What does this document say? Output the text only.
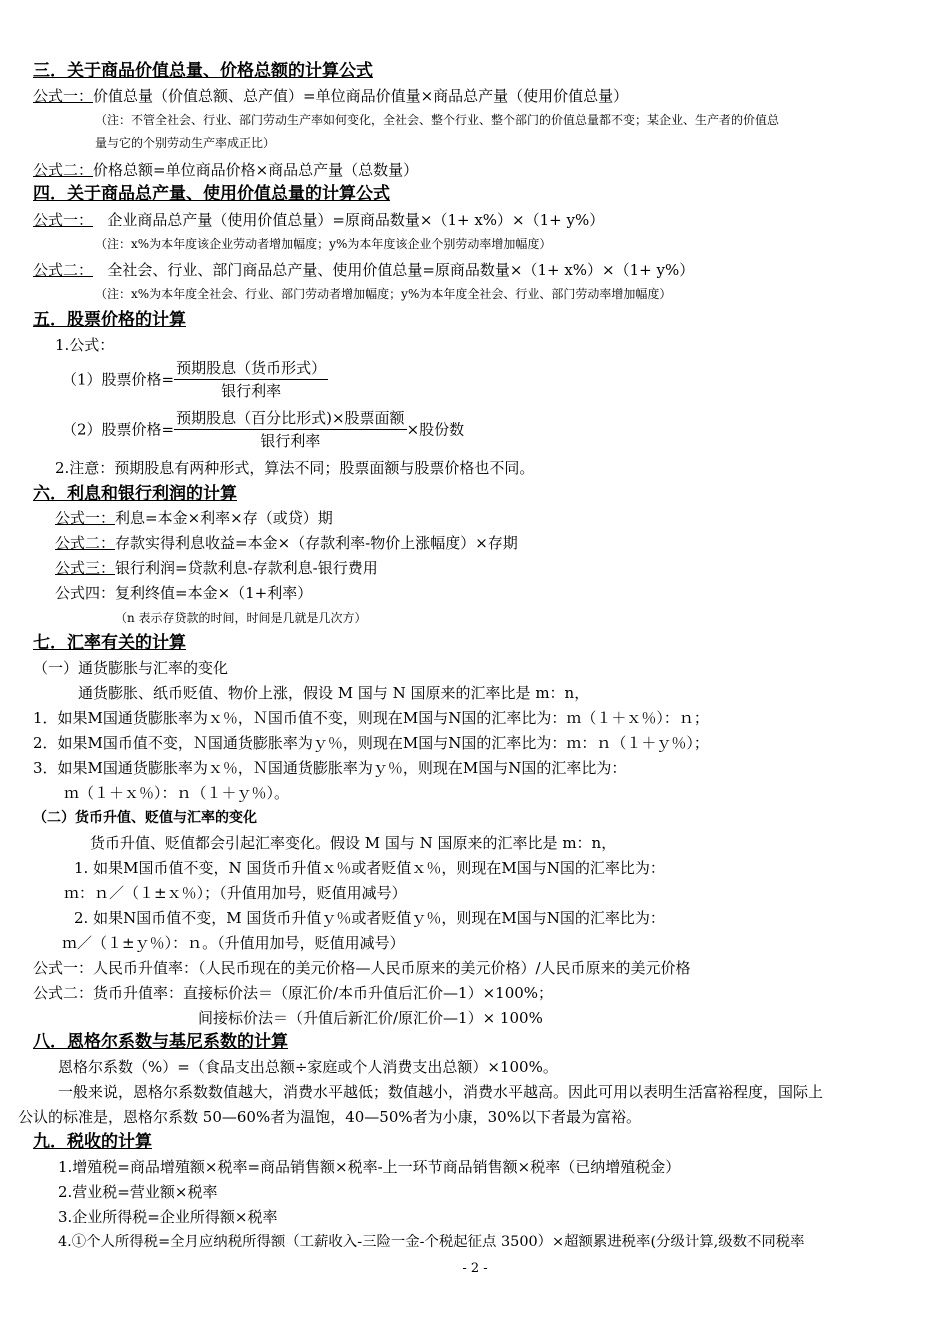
三．关于商品价值总量、价格总额的计算公式
公式一：价值总量（价值总额、总产值）=单位商品价值量×商品总产量（使用价值总量）
（注：不管全社会、行业、部门劳动生产率如何变化，全社会、整个行业、整个部门的价值总量都不变；某企业、生产者的价值总
量与它的个别劳动生产率成正比）
公式二：价格总额=单位商品价格×商品总产量（总数量）
四．关于商品总产量、使用价值总量的计算公式
公式一： 企业商品总产量（使用价值总量）=原商品数量×（1+ x%）×（1+ y%）
（注：x%为本年度该企业劳动者增加幅度；y%为本年度该企业个别劳动率增加幅度）
公式二： 全社会、行业、部门商品总产量、使用价值总量=原商品数量×（1+ x%）×（1+ y%）
（注：x%为本年度全社会、行业、部门劳动者增加幅度；y%为本年度全社会、行业、部门劳动率增加幅度）
五．股票价格的计算
1.公式：
（1）股票价格= $\frac{\text{预期股息（货币形式）}}{\text{银行利率}}$
（2）股票价格= $\frac{\text{预期股息（百分比形式)×股票面额}}{\text{银行利率}}$ ×股份数
2.注意：预期股息有两种形式，算法不同；股票面额与股票价格也不同。
六．利息和银行利润的计算
公式一：利息=本金×利率×存（或贷）期
公式二：存款实得利息收益=本金×（存款利率-物价上涨幅度）×存期
公式三：银行利润=贷款利息-存款利息-银行费用
公式四：复利终值=本金×（1+利率）
（n 表示存贷款的时间，时间是几就是几次方）
七．汇率有关的计算
（一）通货膨胀与汇率的变化
通货膨胀、纸币贬值、物价上涨，假设 M 国与 N 国原来的汇率比是 m：n，
1．如果M国通货膨胀率为ｘ％，Ｎ国币值不变，则现在M国与N国的汇率比为：ｍ（１＋ｘ％）：ｎ；
2．如果M国币值不变，Ｎ国通货膨胀率为ｙ％，则现在M国与N国的汇率比为：ｍ：ｎ（１＋ｙ％）；
3．如果M国通货膨胀率为ｘ％，Ｎ国通货膨胀率为ｙ％，则现在M国与N国的汇率比为：
ｍ（１＋ｘ％）：ｎ（１＋ｙ％）。
（二）货币升值、贬值与汇率的变化
货币升值、贬值都会引起汇率变化。假设 M 国与 N 国原来的汇率比是 m：n，
1. 如果M国币值不变，N 国货币升值ｘ％或者贬值ｘ％，则现在M国与N国的汇率比为：
ｍ：ｎ／（１±ｘ％）；（升值用加号，贬值用减号）
2. 如果N国币值不变，M 国货币升值ｙ％或者贬值ｙ％，则现在M国与N国的汇率比为：
ｍ／（１±ｙ％）：ｎ。（升值用加号，贬值用减号）
公式一：人民币升值率：（人民币现在的美元价格—人民币原来的美元价格）/人民币原来的美元价格
公式二：货币升值率：直接标价法＝（原汇价/本币升值后汇价—1）×100%；
间接标价法＝（升值后新汇价/原汇价—1）× 100%
八．恩格尔系数与基尼系数的计算
恩格尔系数（%）=（食品支出总额÷家庭或个人消费支出总额）×100%。
一般来说，恩格尔系数数值越大，消费水平越低；数值越小，消费水平越高。因此可用以表明生活富裕程度，国际上
公认的标准是，恩格尔系数 50—60%者为温饱，40—50%者为小康，30%以下者最为富裕。
九．税收的计算
1.增殖税=商品增殖额×税率=商品销售额×税率-上一环节商品销售额×税率（已纳增殖税金）
2.营业税=营业额×税率
3.企业所得税=企业所得额×税率
4.①个人所得税=全月应纳税所得额（工薪收入-三险一金-个税起征点 3500）×超额累进税率(分级计算,级数不同税率
- 2 -
